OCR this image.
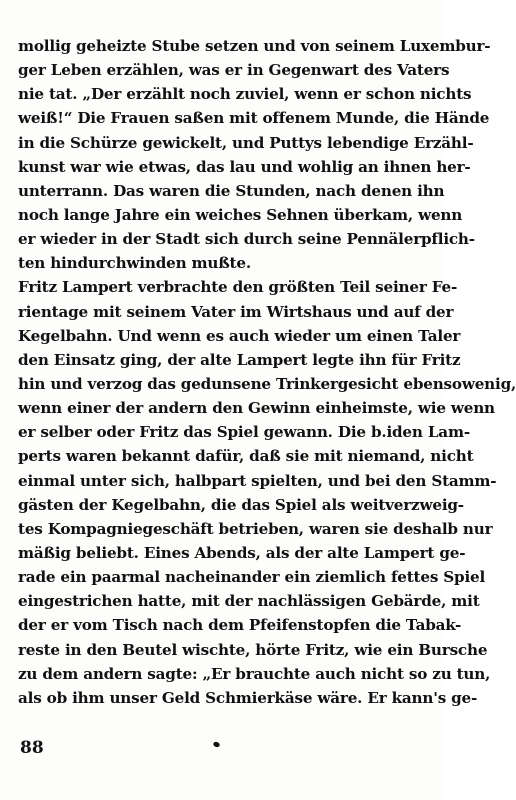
mollig geheizte Stube setzen und von seinem Luxembur-
ger Leben erzählen, was er in Gegenwart des Vaters
nie tat. „Der erzählt noch zuviel, wenn er schon nichts
weiß!“ Die Frauen saßen mit offenem Munde, die Hände
in die Schürze gewickelt, und Puttys lebendige Erzähl-
kunst war wie etwas, das lau und wohlig an ihnen her-
unterrann. Das waren die Stunden, nach denen ihn
noch lange Jahre ein weiches Sehnen überkam, wenn
er wieder in der Stadt sich durch seine Pennälerpflich-
ten hindurchwinden mußte.
Fritz Lampert verbrachte den größten Teil seiner Fe-
rientage mit seinem Vater im Wirtshaus und auf der
Kegelbahn. Und wenn es auch wieder um einen Taler
den Einsatz ging, der alte Lampert legte ihn für Fritz
hin und verzog das gedunsene Trinkergesicht ebensowenig,
wenn einer der andern den Gewinn einheimste, wie wenn
er selber oder Fritz das Spiel gewann. Die b.iden Lam-
perts waren bekannt dafür, daß sie mit niemand, nicht
einmal unter sich, halbpart spielten, und bei den Stamm-
gästen der Kegelbahn, die das Spiel als weitverzweig-
tes Kompagniegeschäft betrieben, waren sie deshalb nur
mäßig beliebt. Eines Abends, als der alte Lampert ge-
rade ein paarmal nacheinander ein ziemlich fettes Spiel
eingestrichen hatte, mit der nachlässigen Gebärde, mit
der er vom Tisch nach dem Pfeifenstopfen die Tabak-
reste in den Beutel wischte, hörte Fritz, wie ein Bursche
zu dem andern sagte: „Er brauchte auch nicht so zu tun,
als ob ihm unser Geld Schmierkäse wäre. Er kann's ge-
88
